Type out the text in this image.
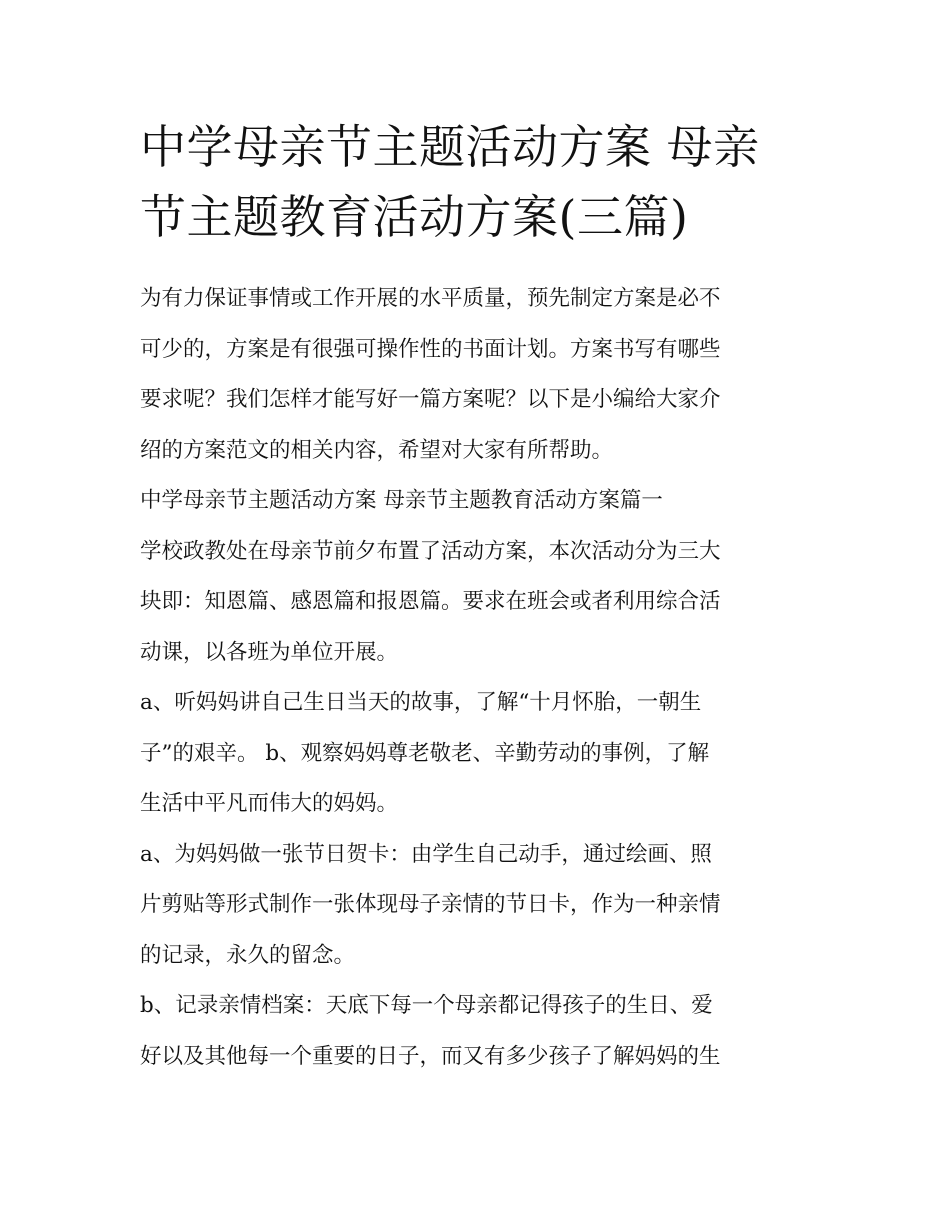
中学母亲节主题活动方案 母亲
节主题教育活动方案(三篇)

为有力保证事情或工作开展的水平质量，预先制定方案是必不
可少的，方案是有很强可操作性的书面计划。方案书写有哪些
要求呢？我们怎样才能写好一篇方案呢？以下是小编给大家介
绍的方案范文的相关内容，希望对大家有所帮助。

中学母亲节主题活动方案 母亲节主题教育活动方案篇一

学校政教处在母亲节前夕布置了活动方案，本次活动分为三大
块即：知恩篇、感恩篇和报恩篇。要求在班会或者利用综合活
动课，以各班为单位开展。

a、听妈妈讲自己生日当天的故事，了解“十月怀胎，一朝生
子”的艰辛。 b、观察妈妈尊老敬老、辛勤劳动的事例，了解
生活中平凡而伟大的妈妈。

a、为妈妈做一张节日贺卡：由学生自己动手，通过绘画、照
片剪贴等形式制作一张体现母子亲情的节日卡，作为一种亲情
的记录，永久的留念。

b、记录亲情档案：天底下每一个母亲都记得孩子的生日、爱
好以及其他每一个重要的日子，而又有多少孩子了解妈妈的生
